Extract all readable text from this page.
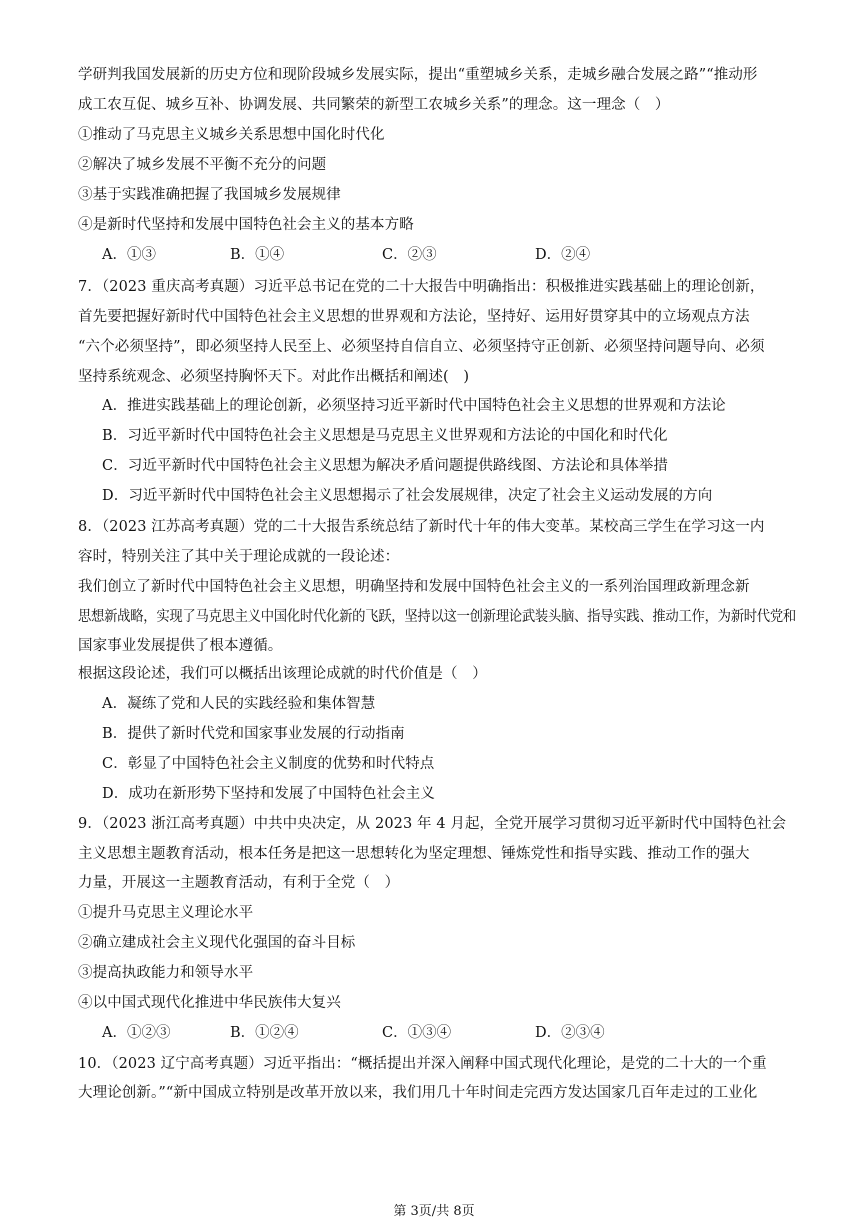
学研判我国发展新的历史方位和现阶段城乡发展实际，提出“重塑城乡关系，走城乡融合发展之路”“推动形
成工农互促、城乡互补、协调发展、共同繁荣的新型工农城乡关系”的理念。这一理念（　）
①推动了马克思主义城乡关系思想中国化时代化
②解决了城乡发展不平衡不充分的问题
③基于实践准确把握了我国城乡发展规律
④是新时代坚持和发展中国特色社会主义的基本方略
A．①③	B．①④	C．②③	D．②④
7．（2023 重庆高考真题）习近平总书记在党的二十大报告中明确指出：积极推进实践基础上的理论创新，
首先要把握好新时代中国特色社会主义思想的世界观和方法论，坚持好、运用好贯穿其中的立场观点方法
“六个必须坚持”，即必须坚持人民至上、必须坚持自信自立、必须坚持守正创新、必须坚持问题导向、必须
坚持系统观念、必须坚持胸怀天下。对此作出概括和阐述(　)
A．推进实践基础上的理论创新，必须坚持习近平新时代中国特色社会主义思想的世界观和方法论
B．习近平新时代中国特色社会主义思想是马克思主义世界观和方法论的中国化和时代化
C．习近平新时代中国特色社会主义思想为解决矛盾问题提供路线图、方法论和具体举措
D．习近平新时代中国特色社会主义思想揭示了社会发展规律，决定了社会主义运动发展的方向
8．（2023 江苏高考真题）党的二十大报告系统总结了新时代十年的伟大变革。某校高三学生在学习这一内
容时，特别关注了其中关于理论成就的一段论述：
我们创立了新时代中国特色社会主义思想，明确坚持和发展中国特色社会主义的一系列治国理政新理念新
思想新战略，实现了马克思主义中国化时代化新的飞跃，坚持以这一创新理论武装头脑、指导实践、推动工作，为新时代党和
国家事业发展提供了根本遵循。
根据这段论述，我们可以概括出该理论成就的时代价值是（　）
A．凝练了党和人民的实践经验和集体智慧
B．提供了新时代党和国家事业发展的行动指南
C．彰显了中国特色社会主义制度的优势和时代特点
D．成功在新形势下坚持和发展了中国特色社会主义
9．（2023 浙江高考真题）中共中央决定，从 2023 年 4 月起，全党开展学习贯彻习近平新时代中国特色社会
主义思想主题教育活动，根本任务是把这一思想转化为坚定理想、锤炼党性和指导实践、推动工作的强大
力量，开展这一主题教育活动，有利于全党（　）
①提升马克思主义理论水平
②确立建成社会主义现代化强国的奋斗目标
③提高执政能力和领导水平
④以中国式现代化推进中华民族伟大复兴
A．①②③	B．①②④	C．①③④	D．②③④
10．（2023 辽宁高考真题）习近平指出：“概括提出并深入阐释中国式现代化理论，是党的二十大的一个重
大理论创新。”“新中国成立特别是改革开放以来，我们用几十年时间走完西方发达国家几百年走过的工业化
第 3页/共 8页
